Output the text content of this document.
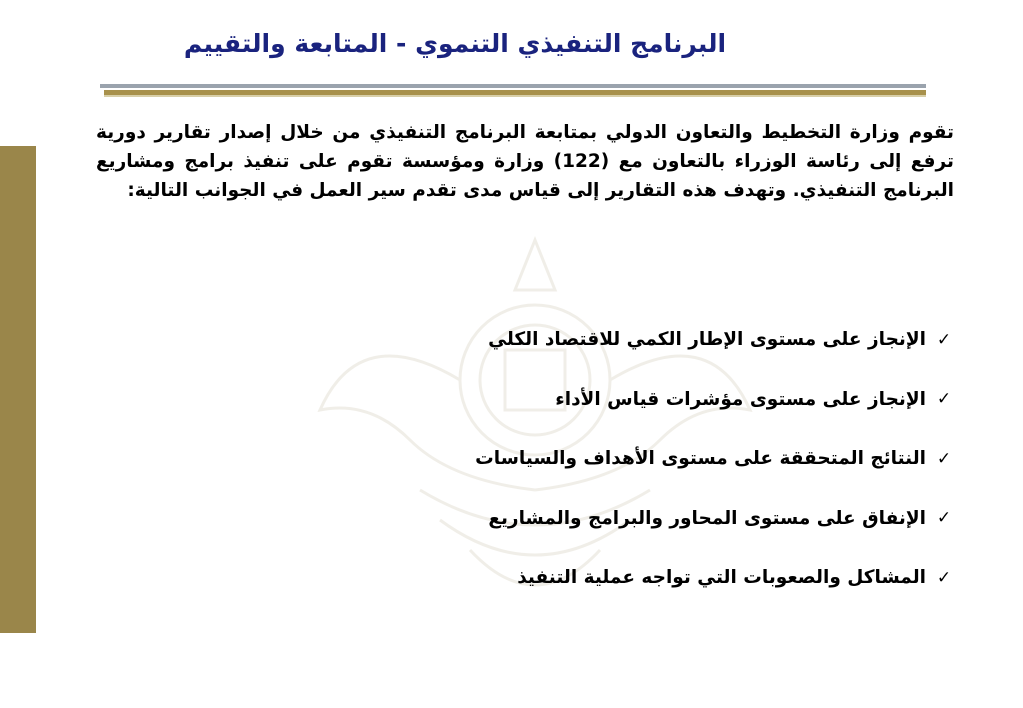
البرنامج التنفيذي التنموي - المتابعة والتقييم
تقوم وزارة التخطيط والتعاون الدولي بمتابعة البرنامج التنفيذي من خلال إصدار تقارير دورية ترفع إلى رئاسة الوزراء بالتعاون مع (122) وزارة ومؤسسة تقوم على تنفيذ برامج ومشاريع البرنامج التنفيذي. وتهدف هذه التقارير إلى قياس مدى تقدم سير العمل في الجوانب التالية:
✓
الإنجاز على مستوى الإطار الكمي للاقتصاد الكلي
✓
الإنجاز على مستوى مؤشرات قياس الأداء
✓
النتائج المتحققة على مستوى الأهداف والسياسات
✓
الإنفاق على مستوى المحاور والبرامج والمشاريع
✓
المشاكل والصعوبات التي تواجه عملية التنفيذ
